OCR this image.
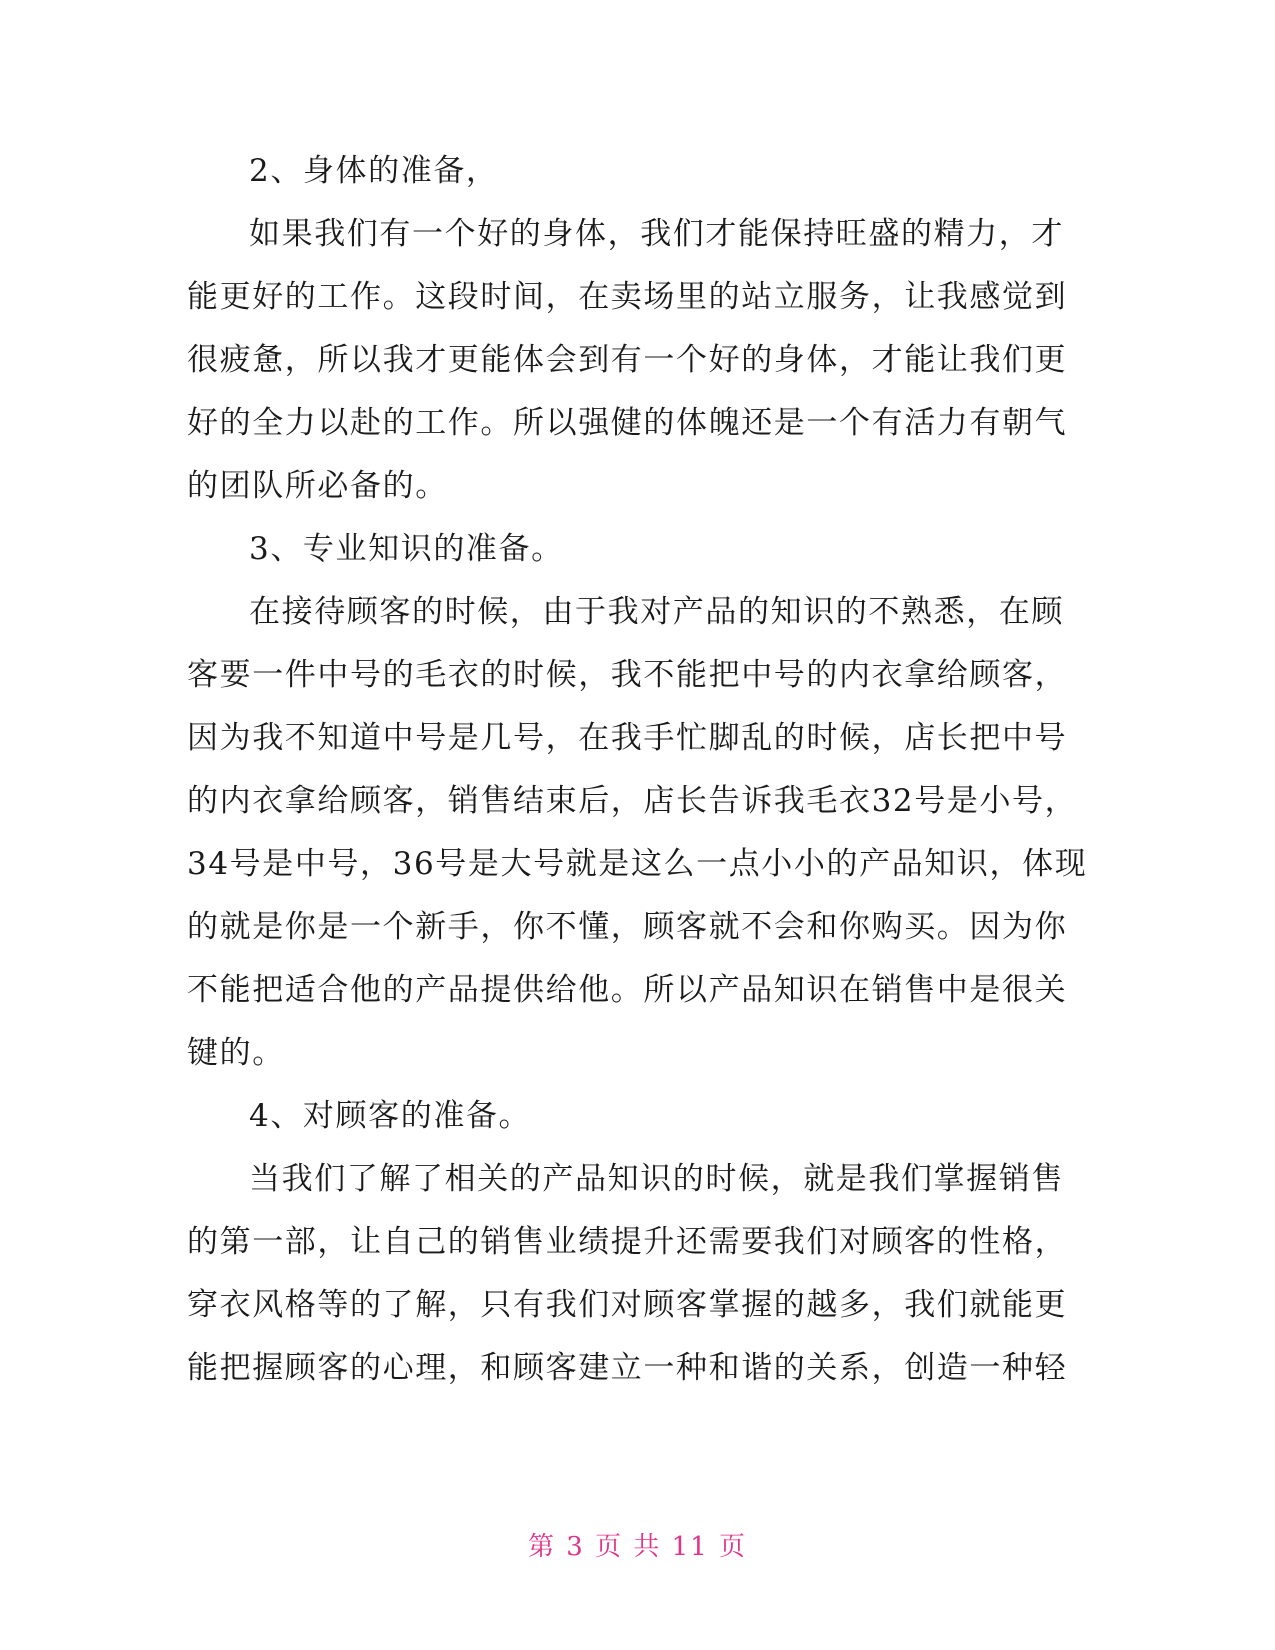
2、身体的准备，
如果我们有一个好的身体，我们才能保持旺盛的精力，才
能更好的工作。这段时间，在卖场里的站立服务，让我感觉到
很疲惫，所以我才更能体会到有一个好的身体，才能让我们更
好的全力以赴的工作。所以强健的体魄还是一个有活力有朝气
的团队所必备的。
3、专业知识的准备。
在接待顾客的时候，由于我对产品的知识的不熟悉，在顾
客要一件中号的毛衣的时候，我不能把中号的内衣拿给顾客，
因为我不知道中号是几号，在我手忙脚乱的时候，店长把中号
的内衣拿给顾客，销售结束后，店长告诉我毛衣32号是小号，
34号是中号，36号是大号就是这么一点小小的产品知识，体现
的就是你是一个新手，你不懂，顾客就不会和你购买。因为你
不能把适合他的产品提供给他。所以产品知识在销售中是很关
键的。
4、对顾客的准备。
当我们了解了相关的产品知识的时候，就是我们掌握销售
的第一部，让自己的销售业绩提升还需要我们对顾客的性格，
穿衣风格等的了解，只有我们对顾客掌握的越多，我们就能更
能把握顾客的心理，和顾客建立一种和谐的关系，创造一种轻
第 3 页 共 11 页
